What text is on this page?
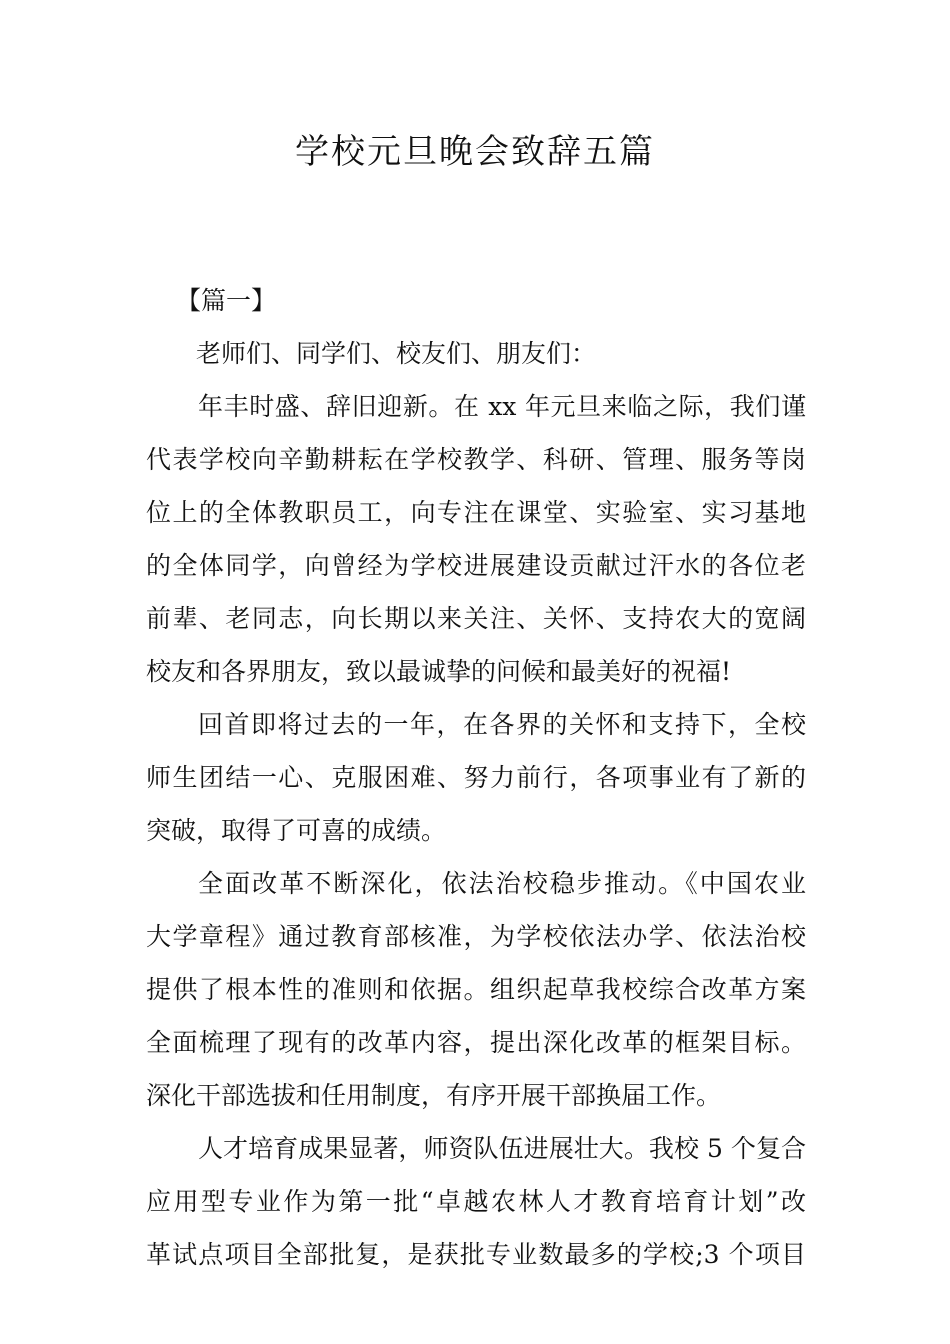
学校元旦晚会致辞五篇
【篇一】
老师们、同学们、校友们、朋友们：
年丰时盛、辞旧迎新。在 xx 年元旦来临之际，我们谨
代表学校向辛勤耕耘在学校教学、科研、管理、服务等岗
位上的全体教职员工，向专注在课堂、实验室、实习基地
的全体同学，向曾经为学校进展建设贡献过汗水的各位老
前辈、老同志，向长期以来关注、关怀、支持农大的宽阔
校友和各界朋友，致以最诚挚的问候和最美好的祝福!
回首即将过去的一年，在各界的关怀和支持下，全校
师生团结一心、克服困难、努力前行，各项事业有了新的
突破，取得了可喜的成绩。
全面改革不断深化，依法治校稳步推动。《中国农业
大学章程》通过教育部核准，为学校依法办学、依法治校
提供了根本性的准则和依据。组织起草我校综合改革方案
全面梳理了现有的改革内容，提出深化改革的框架目标。
深化干部选拔和任用制度，有序开展干部换届工作。
人才培育成果显著，师资队伍进展壮大。我校 5 个复合
应用型专业作为第一批“卓越农林人才教育培育计划”改
革试点项目全部批复，是获批专业数最多的学校;3 个项目
